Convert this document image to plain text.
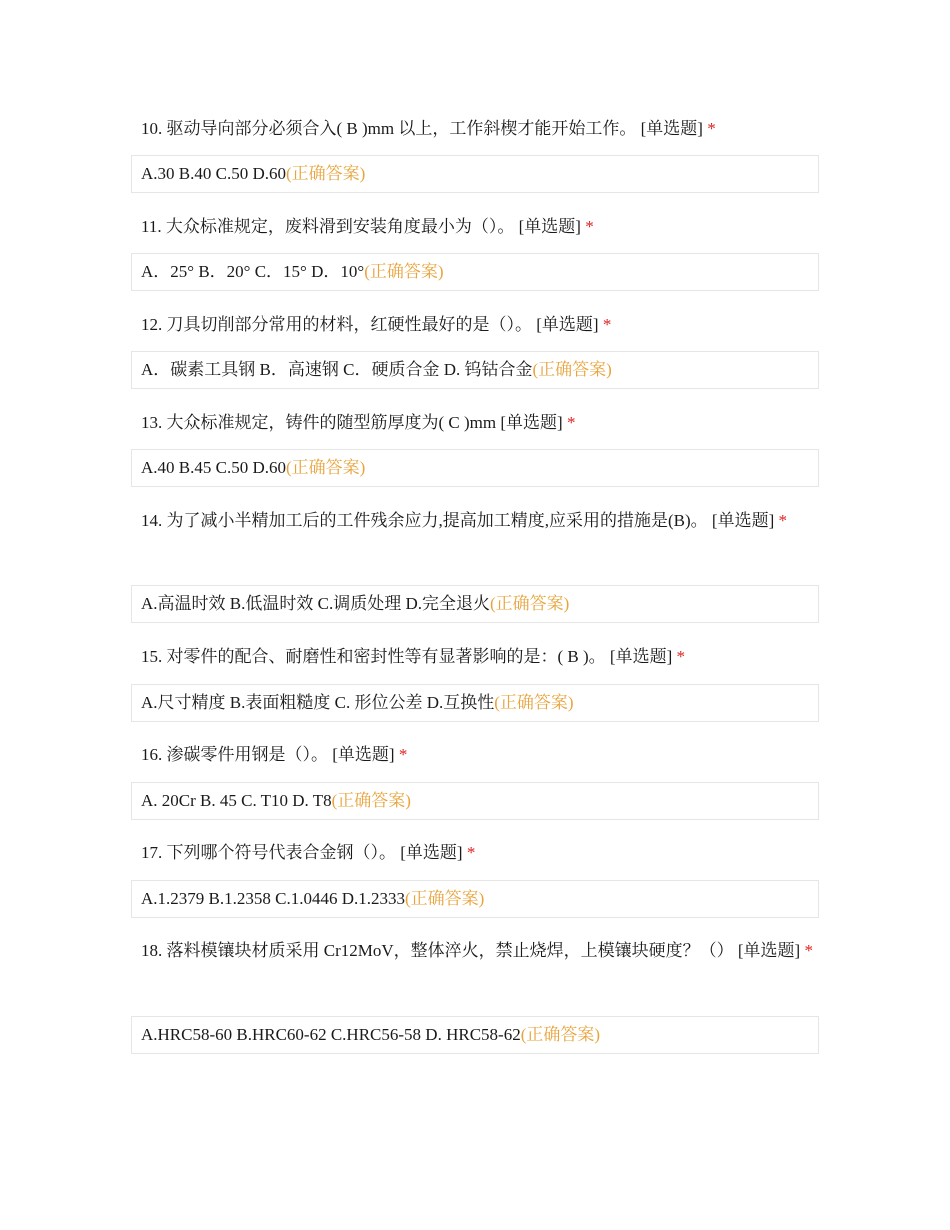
10. 驱动导向部分必须合入( B )mm 以上，工作斜楔才能开始工作。 [单选题] *
A.30 B.40 C.50 D.60(正确答案)
11. 大众标准规定，废料滑到安装角度最小为（）。 [单选题] *
A．25° B．20° C．15° D．10°(正确答案)
12. 刀具切削部分常用的材料，红硬性最好的是（）。 [单选题] *
A．碳素工具钢 B．高速钢 C．硬质合金 D. 钨钴合金(正确答案)
13. 大众标准规定，铸件的随型筋厚度为( C )mm [单选题] *
A.40 B.45 C.50 D.60(正确答案)
14. 为了减小半精加工后的工件残余应力,提高加工精度,应采用的措施是(B)。 [单选题] *
A.高温时效 B.低温时效 C.调质处理 D.完全退火(正确答案)
15. 对零件的配合、耐磨性和密封性等有显著影响的是：( B )。 [单选题] *
A.尺寸精度 B.表面粗糙度 C. 形位公差 D.互换性(正确答案)
16. 渗碳零件用钢是（）。 [单选题] *
A. 20Cr B. 45 C. T10 D. T8(正确答案)
17. 下列哪个符号代表合金钢（）。 [单选题] *
A.1.2379 B.1.2358 C.1.0446 D.1.2333(正确答案)
18. 落料模镶块材质采用 Cr12MoV，整体淬火，禁止烧焊，上模镶块硬度？（） [单选题] *
A.HRC58-60 B.HRC60-62 C.HRC56-58 D. HRC58-62(正确答案)
